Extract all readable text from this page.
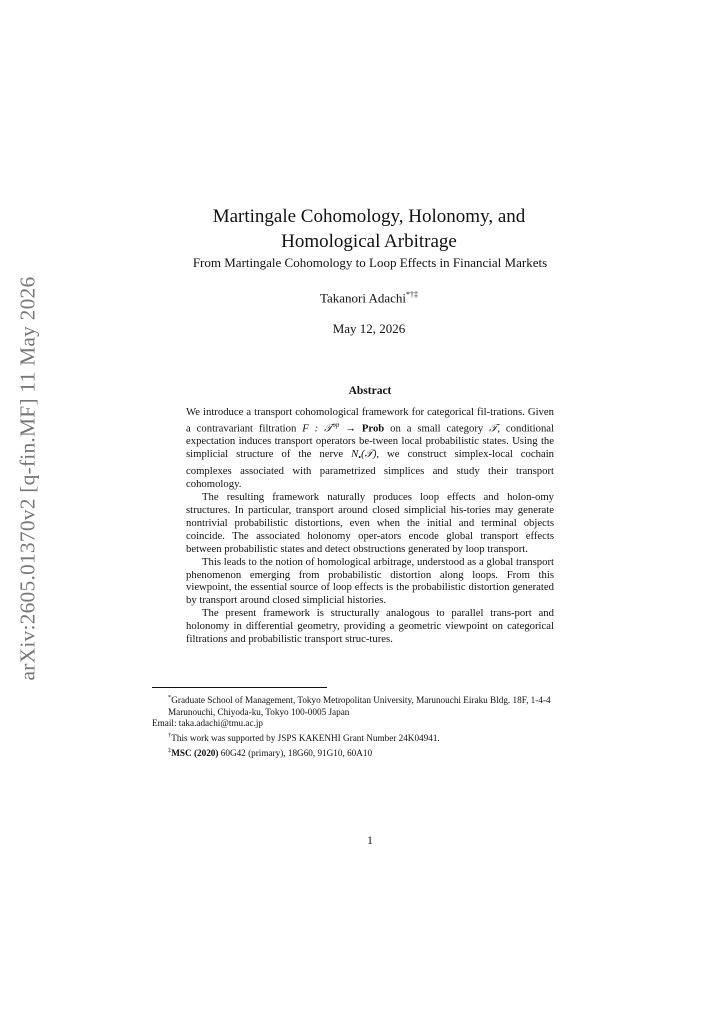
arXiv:2605.01370v2 [q-fin.MF] 11 May 2026
Martingale Cohomology, Holonomy, and
Homological Arbitrage
From Martingale Cohomology to Loop Effects in Financial Markets
Takanori Adachi*†‡
May 12, 2026
Abstract

We introduce a transport cohomological framework for categorical fil-trations. Given a contravariant filtration F : 𝒯$^{op}$ → Prob on a small category 𝒯, conditional expectation induces transport operators be-tween local probabilistic states. Using the simplicial structure of the nerve $N_•(𝒯)$, we construct simplex-local cochain complexes associated with parametrized simplices and study their transport cohomology.

The resulting framework naturally produces loop effects and holon-omy structures. In particular, transport around closed simplicial his-tories may generate nontrivial probabilistic distortions, even when the initial and terminal objects coincide. The associated holonomy oper-ators encode global transport effects between probabilistic states and detect obstructions generated by loop transport.

This leads to the notion of homological arbitrage, understood as a global transport phenomenon emerging from probabilistic distortion along loops. From this viewpoint, the essential source of loop effects is the probabilistic distortion generated by transport around closed simplicial histories.

The present framework is structurally analogous to parallel trans-port and holonomy in differential geometry, providing a geometric viewpoint on categorical filtrations and probabilistic transport struc-tures.

*Graduate School of Management, Tokyo Metropolitan University, Marunouchi Eiraku Bldg. 18F, 1-4-4 Marunouchi, Chiyoda-ku, Tokyo 100-0005 Japan

Email: taka.adachi@tmu.ac.jp

†This work was supported by JSPS KAKENHI Grant Number 24K04941.

‡MSC (2020) 60G42 (primary), 18G60, 91G10, 60A10

1
